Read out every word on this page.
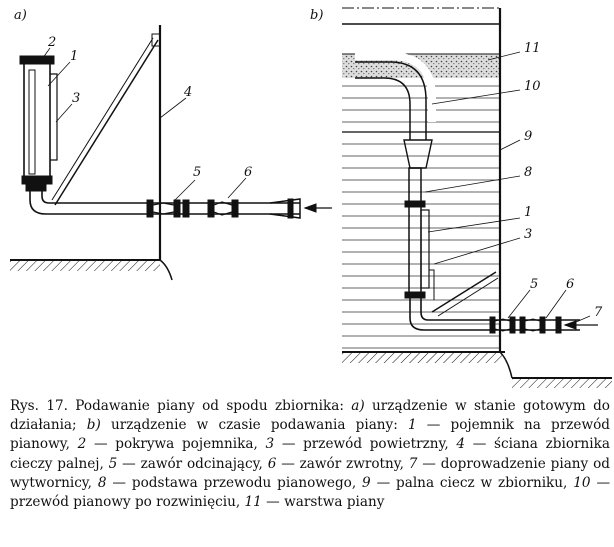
a)
2
1
3	4
5	6
b)
11
10
9
8
1
3
5 6
7
Rys. 17. Podawanie piany od spodu zbiornika: a) urządzenie w stanie gotowym do działania; b) urządzenie w czasie podawania piany: 1 — pojemnik na przewód pianowy, 2 — pokrywa pojemnika, 3 — przewód powietrzny, 4 — ściana zbiornika cieczy palnej, 5 — zawór odcinający, 6 — zawór zwrotny, 7 — doprowadzenie piany od wytwornicy, 8 — podstawa przewodu pianowego, 9 — palna ciecz w zbiorniku, 10 — przewód pianowy po rozwinięciu, 11 — warstwa piany
